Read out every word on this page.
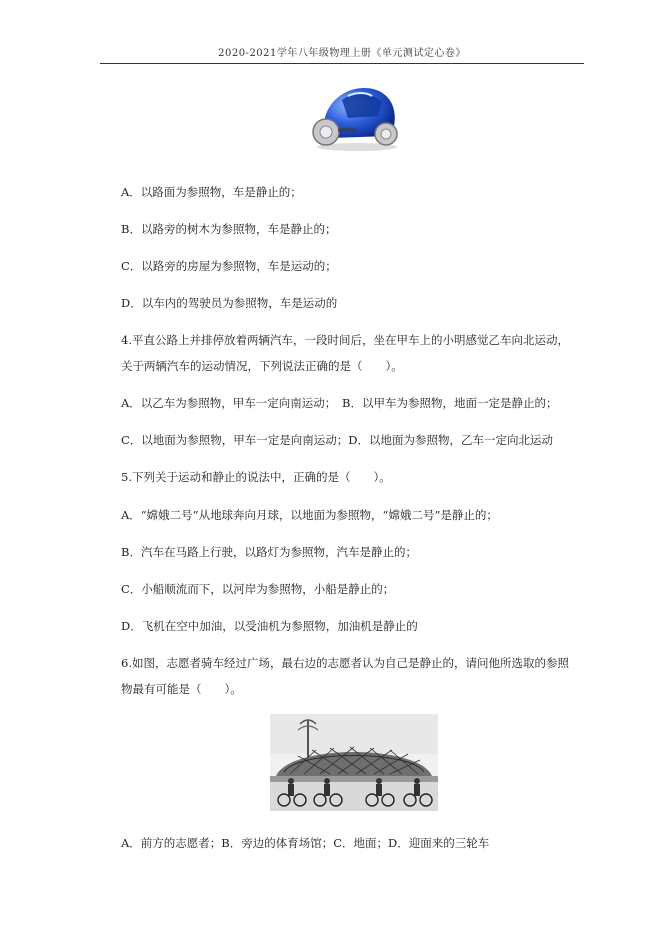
2020-2021学年八年级物理上册《单元测试定心卷》
A．以路面为参照物，车是静止的；
B．以路旁的树木为参照物，车是静止的；
C．以路旁的房屋为参照物，车是运动的；
D．以车内的驾驶员为参照物，车是运动的
4.平直公路上并排停放着两辆汽车，一段时间后，坐在甲车上的小明感觉乙车向北运动，
关于两辆汽车的运动情况，下列说法正确的是（　　）。
A．以乙车为参照物，甲车一定向南运动；　B．以甲车为参照物，地面一定是静止的；
C．以地面为参照物，甲车一定是向南运动；D．以地面为参照物，乙车一定向北运动
5.下列关于运动和静止的说法中，正确的是（　　）。
A．“嫦娥二号”从地球奔向月球，以地面为参照物，“嫦娥二号”是静止的；
B．汽车在马路上行驶，以路灯为参照物，汽车是静止的；
C．小船顺流而下，以河岸为参照物，小船是静止的；
D．飞机在空中加油，以受油机为参照物，加油机是静止的
6.如图，志愿者骑车经过广场，最右边的志愿者认为自己是静止的，请问他所选取的参照
物最有可能是（　　）。
A．前方的志愿者；B．旁边的体育场馆；C．地面；D．迎面来的三轮车
